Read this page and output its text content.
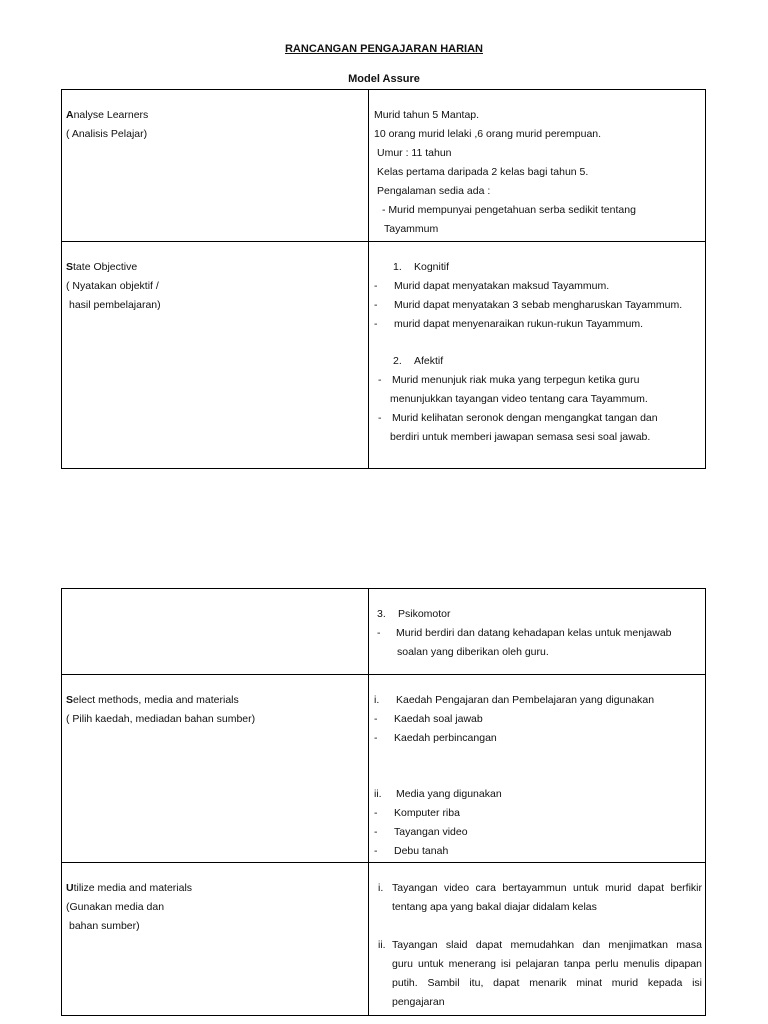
RANCANGAN PENGAJARAN HARIAN
Model Assure
Analyse Learners
( Analisis Pelajar)
Murid tahun 5 Mantap.
10 orang murid lelaki ,6 orang murid perempuan.
Umur : 11 tahun
Kelas pertama daripada 2 kelas bagi tahun 5.
Pengalaman sedia ada :
- Murid mempunyai pengetahuan serba sedikit tentang
Tayammum
State Objective
( Nyatakan objektif /
hasil pembelajaran)
1. Kognitif
- Murid dapat menyatakan maksud Tayammum.
- Murid dapat menyatakan 3 sebab mengharuskan Tayammum.
- murid dapat menyenaraikan rukun-rukun Tayammum.
2. Afektif
- Murid menunjuk riak muka yang terpegun ketika guru
menunjukkan tayangan video tentang cara Tayammum.
- Murid kelihatan seronok dengan mengangkat tangan dan
berdiri untuk memberi jawapan semasa sesi soal jawab.
3. Psikomotor
- Murid berdiri dan datang kehadapan kelas untuk menjawab
soalan yang diberikan oleh guru.
Select methods, media and materials
( Pilih kaedah, mediadan bahan sumber)
i. Kaedah Pengajaran dan Pembelajaran yang digunakan
- Kaedah soal jawab
- Kaedah perbincangan
ii. Media yang digunakan
- Komputer riba
- Tayangan video
- Debu tanah
Utilize media and materials
(Gunakan media dan
bahan sumber)
i. Tayangan video cara bertayammun untuk murid dapat berfikir
tentang apa yang bakal diajar didalam kelas
ii. Tayangan slaid dapat memudahkan dan menjimatkan masa
guru untuk menerang isi pelajaran tanpa perlu menulis dipapan
putih. Sambil itu, dapat menarik minat murid kepada isi
pengajaran
